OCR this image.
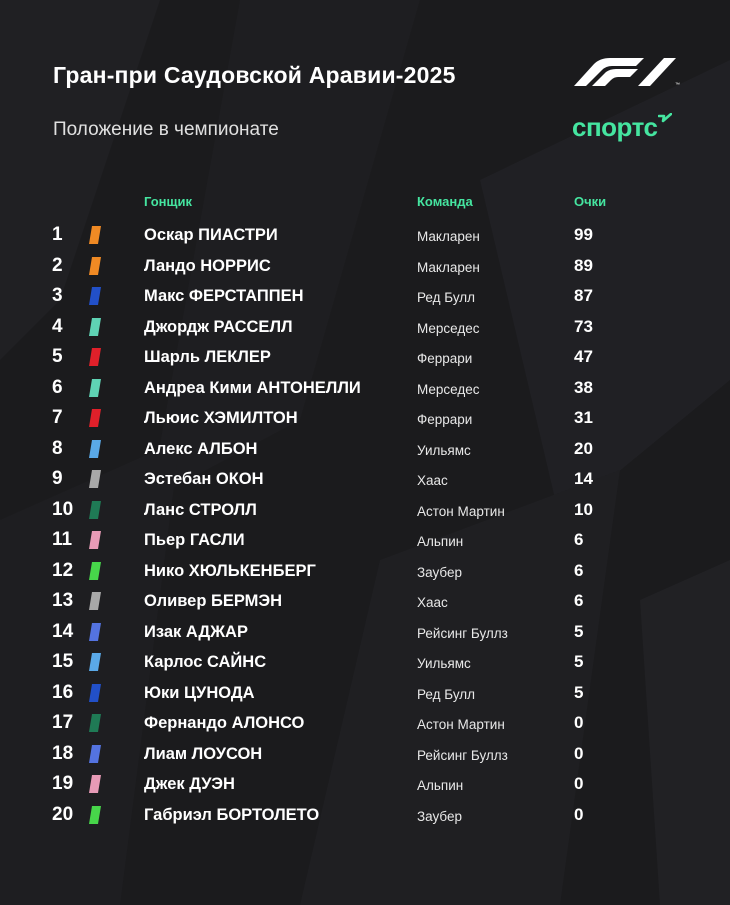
Гран-при Саудовской Аравии-2025
Положение в чемпионате
™
спортс
Гонщик	Команда	Очки
1	Оскар ПИАСТРИ	Макларен	99
2	Ландо НОРРИС	Макларен	89
3	Макс ФЕРСТАППЕН	Ред Булл	87
4	Джордж РАССЕЛЛ	Мерседес	73
5	Шарль ЛЕКЛЕР	Феррари	47
6	Андреа Кими АНТОНЕЛЛИ	Мерседес	38
7	Льюис ХЭМИЛТОН	Феррари	31
8	Алекс АЛБОН	Уильямс	20
9	Эстебан ОКОН	Хаас	14
10	Ланс СТРОЛЛ	Астон Мартин	10
11	Пьер ГАСЛИ	Альпин	6
12	Нико ХЮЛЬКЕНБЕРГ	Заубер	6
13	Оливер БЕРМЭН	Хаас	6
14	Изак АДЖАР	Рейсинг Буллз	5
15	Карлос САЙНС	Уильямс	5
16	Юки ЦУНОДА	Ред Булл	5
17	Фернандо АЛОНСО	Астон Мартин	0
18	Лиам ЛОУСОН	Рейсинг Буллз	0
19	Джек ДУЭН	Альпин	0
20	Габриэл БОРТОЛЕТО	Заубер	0
